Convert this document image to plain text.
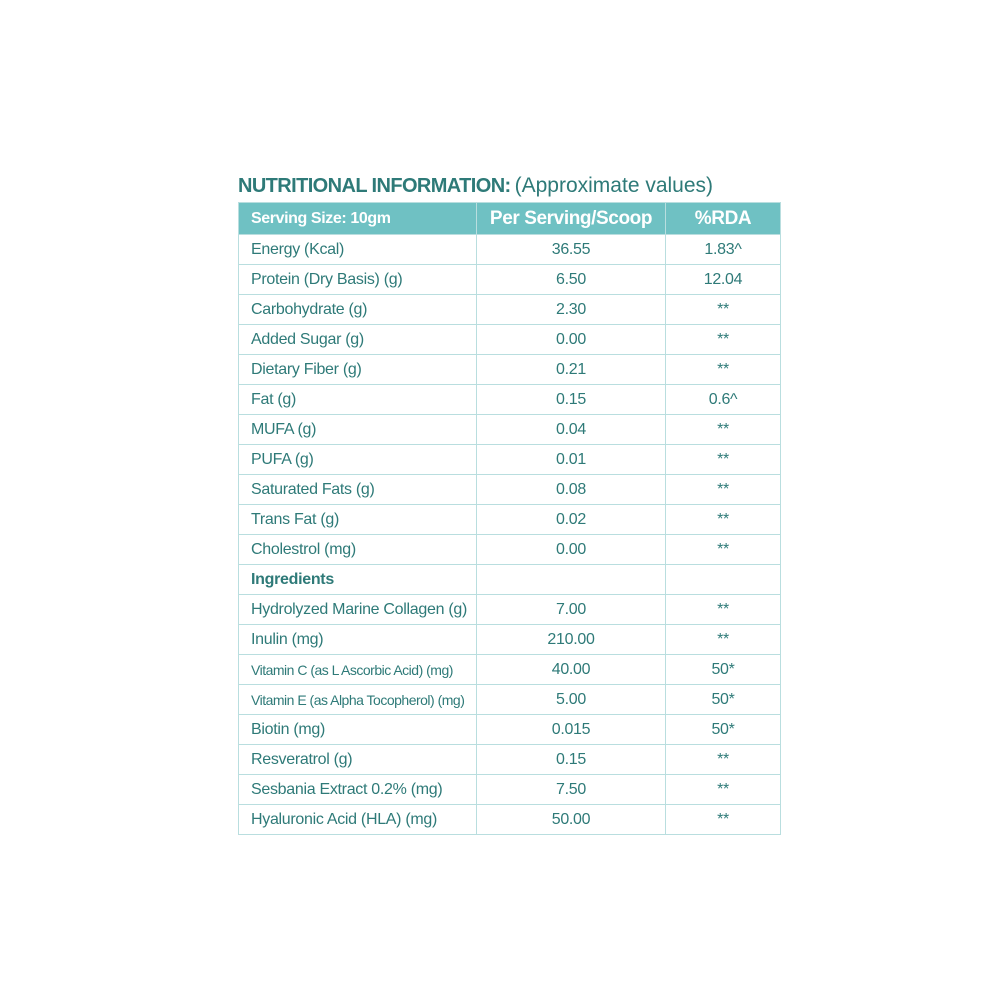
NUTRITIONAL INFORMATION: (Approximate values)
Serving Size: 10gm	Per Serving/Scoop	%RDA
Energy (Kcal)	36.55	1.83^
Protein (Dry Basis) (g)	6.50	12.04
Carbohydrate (g)	2.30	**
Added Sugar (g)	0.00	**
Dietary Fiber (g)	0.21	**
Fat (g)	0.15	0.6^
MUFA (g)	0.04	**
PUFA (g)	0.01	**
Saturated Fats (g)	0.08	**
Trans Fat (g)	0.02	**
Cholestrol (mg)	0.00	**
Ingredients		
Hydrolyzed Marine Collagen (g)	7.00	**
Inulin (mg)	210.00	**
Vitamin C (as L Ascorbic Acid) (mg)	40.00	50*
Vitamin E (as Alpha Tocopherol) (mg)	5.00	50*
Biotin (mg)	0.015	50*
Resveratrol (g)	0.15	**
Sesbania Extract 0.2% (mg)	7.50	**
Hyaluronic Acid (HLA) (mg)	50.00	**
